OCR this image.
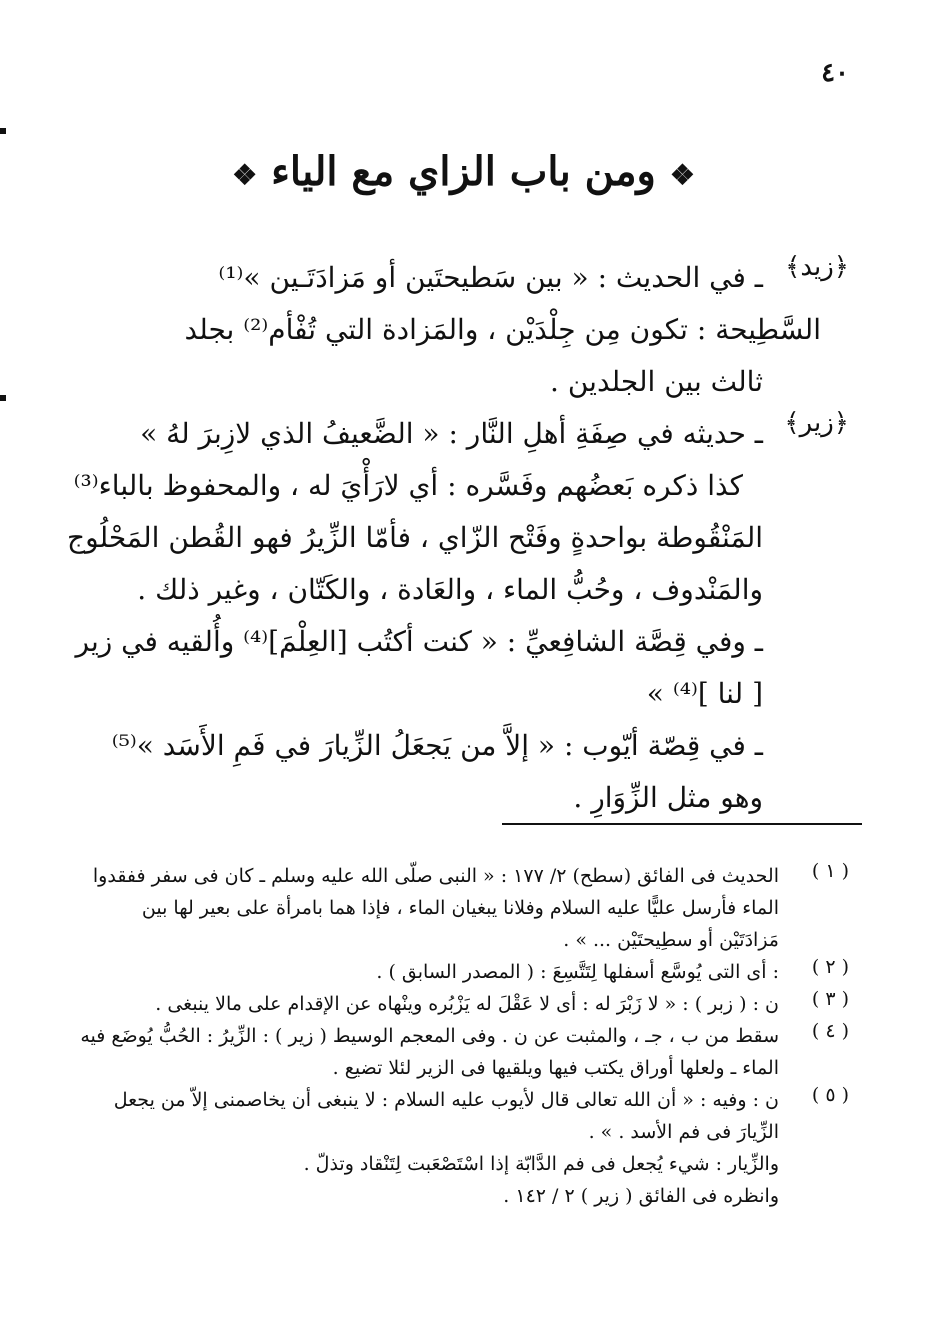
٤٠
❖ ومن باب الزاي مع الياء ❖
﴿زيد﴾
ـ في الحديث : « بين سَطيحتَين أو مَزادَتَـين »⁽¹⁾
السَّطِيحة : تكون مِن جِلْدَيْن ، والمَزادة التي تُفْأم⁽²⁾ بجلد
ثالث بين الجلدين .
﴿زير﴾
ـ حديثه في صِفَةِ أهلِ النَّار : « الضَّعيفُ الذي لازِبرَ لهُ »
كذا ذكره بَعضُهم وفَسَّره : أي لارَأْيَ له ، والمحفوظ بالباء⁽³⁾
المَنْقُوطة بواحدةٍ وفَتْح الزّاي ، فأمّا الزِّيرُ فهو القُطن المَحْلُوج
والمَنْدوف ، وحُبُّ الماء ، والعَادة ، والكَتّان ، وغير ذلك .
ـ وفي قِصَّة الشافِعيِّ : « كنت أكتُب [العِلْمَ]⁽⁴⁾ وأُلقيه في زير
[ لنا ]⁽⁴⁾ »
ـ في قِصّة أيّوب : « إلاَّ من يَجعَلُ الزِّيارَ في فَمِ الأَسَد »⁽⁵⁾
وهو مثل الزِّوَارِ .
( ١ )
الحديث فى الفائق (سطح) ٢/ ١٧٧ : « النبى صلّى الله عليه وسلم ـ كان فى سفر ففقدوا
الماء فأرسل عليًّا عليه السلام وفلانا يبغيان الماء ، فإذا هما بامرأة على بعير لها بين
مَزادَتَيْن أو سطِيحتَيْن ... » .
( ٢ )
: أى التى يُوسَّع أسفلها لِتَتَّسِعَ : ( المصدر السابق ) .
( ٣ )
ن : ( زبر ) : « لا زَبْرَ له : أى لا عَقْلَ له يَزْبُره وينْهاه عن الإقدام على مالا ينبغى .
( ٤ )
سقط من ب ، جـ ، والمثبت عن ن . وفى المعجم الوسيط ( زير ) : الزِّيرُ : الحُبُّ يُوضَع فيه
الماء ـ ولعلها أوراق يكتب فيها ويلقيها فى الزير لئلا تضيع .
( ٥ )
ن : وفيه : « أن الله تعالى قال لأيوب عليه السلام : لا ينبغى أن يخاصمنى إلاّ من يجعل
الزِّيارَ فى فم الأسد . » .
والزِّيار : شيء يُجعل فى فم الدَّابّة إذا اسْتَصْعَبت لِتَنْقاد وتذلّ .
وانظره فى الفائق ( زير ) ٢ / ١٤٢ .
